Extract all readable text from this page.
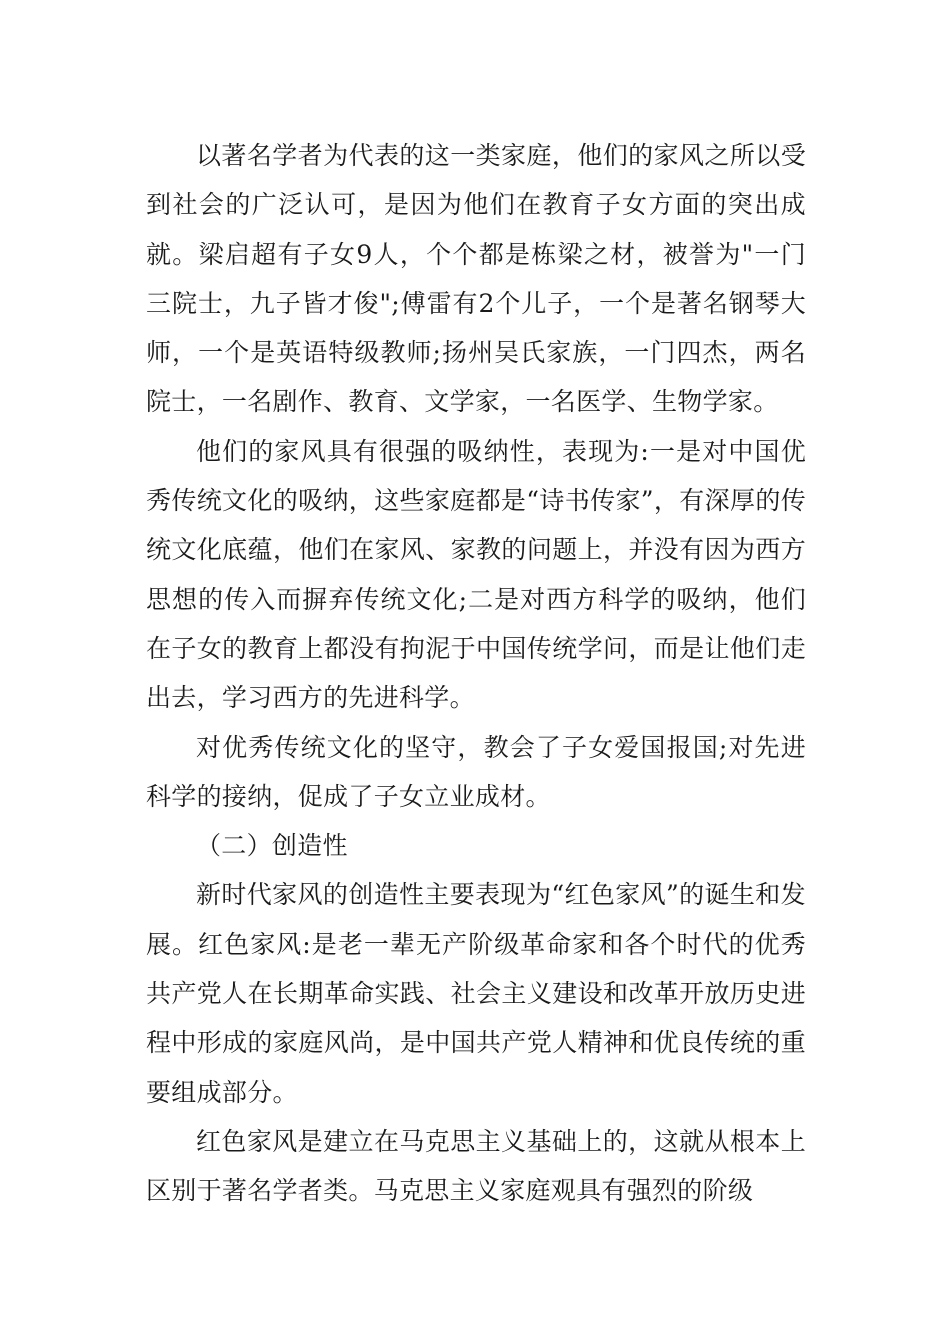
以著名学者为代表的这一类家庭，他们的家风之所以受到社会的广泛认可，是因为他们在教育子女方面的突出成就。梁启超有子女9人，个个都是栋梁之材，被誉为"一门三院士，九子皆才俊";傅雷有2个儿子，一个是著名钢琴大师，一个是英语特级教师;扬州吴氏家族，一门四杰，两名院士，一名剧作、教育、文学家，一名医学、生物学家。

他们的家风具有很强的吸纳性，表现为:一是对中国优秀传统文化的吸纳，这些家庭都是“诗书传家”，有深厚的传统文化底蕴，他们在家风、家教的问题上，并没有因为西方思想的传入而摒弃传统文化;二是对西方科学的吸纳，他们在子女的教育上都没有拘泥于中国传统学问，而是让他们走出去，学习西方的先进科学。

对优秀传统文化的坚守，教会了子女爱国报国;对先进科学的接纳，促成了子女立业成材。

（二）创造性

新时代家风的创造性主要表现为“红色家风”的诞生和发展。红色家风:是老一辈无产阶级革命家和各个时代的优秀共产党人在长期革命实践、社会主义建设和改革开放历史进程中形成的家庭风尚，是中国共产党人精神和优良传统的重要组成部分。

红色家风是建立在马克思主义基础上的，这就从根本上区别于著名学者类。马克思主义家庭观具有强烈的阶级
